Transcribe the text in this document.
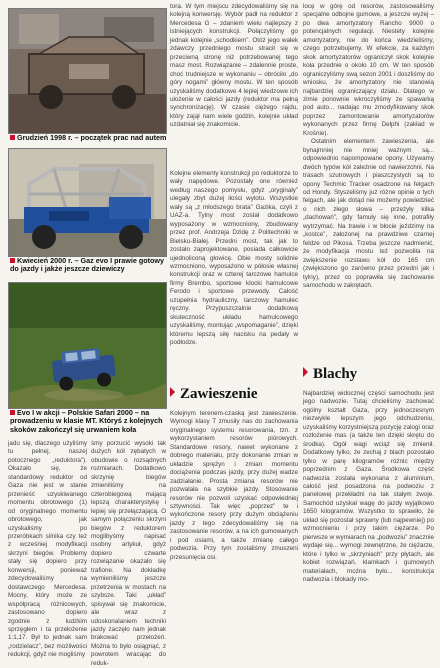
Grudzień 1998 r. – początek prac nad autem
Kwiecień 2000 r. – Gaz evo I prawie gotowy do jazdy i jakże jeszcze dziewiczy
Evo I w akcji – Polskie Safari 2000 – na prowadzeniu w klasie MT. Któryś z kolejnych skoków zakończył się urwaniem koła

tora. W tym miejscu zdecydowaliśmy się na kolejną konwersję. Wybór padł na reduktor z Mercedesa G – zdaniem wielu najlepszy z istniejących konstrukcji. Połączyliśmy go jednak kolejnie „schodkiem”. Otóż jego wałek zdawczy przedniego mostu stracił się w przeciwną stronę niż potrzebowanej tego masz most. Rozwiązanie – zdalennie proste, choć trudniejsze w wykonaniu – obróciło „do góry nogami” główny mostu. W ten sposób uzyskaliśmy dodatkowe 4 lepiej wiedzowe ich ułożenie w całości jazdy (reduktor ma pełną synchronizację). W czasie ciężego rajdu, który zajął nam wiele godzin, kolejnie układ uzdatniał się znakomicie.

Kolejne elementy konstrukcji po reduktorze to wały napędowe. Pozostały one również według naszego pomysłu, gdyż „oryginały” ulegały zbyt dużej ilości wylotu. Wszystkie wały są „z młodszego brata” Gazika, czyli z UAZ-a. Tylny most został dodatkowo wyposażony w wzmocniony, zbudowany przez prof. Andrzeja Dzidę z Politechniki w Bielsku-Białej. Przedni most, tak jak to zostało zaprojektowane, posiada całkowicie ujednoliconą głowicę. Obie mosty solidnie wzmocniono, wyposażono w półosie własnej konstrukcji oraz w czterej tarczowe hamulce firmy Brembo, sportowe klocki hamulcowe Ferodo i sportowe przewody. Całość uzupełnia hydrauliczny, tarczowy hamulec ręczny. Przypuszczalnie dodatkową skuteczność układu hamulcowego uzyskaliśmy, montując „wspomaganie”, dzięki któremu lepszą siłę nacisku na pedały w podłodze.

Zawieszenie

Kolejnym terenem-czaską jest zawieszenie. Wymogi klasy T zmusiły nas do zachowania oryginalnego systemu resorowania, tzn. z wykorzystaniem resorów piórowych. Standardowe resory, nawet wykonane z dobrego materiału, przy dokonanie zmian w układzie sprężyn i zmian momentu dociążenia podczas jazdy, przy dużej wadze zadziałanie. Prosta zmiana resorów nie pozwalała na szybkie jazdy. Stosowanie resorów nie pozwoli uzyskać odpowiedniej sztywności. Tak więc „poprzez” te i wykończone resory przy dużym obciążeniu jazdy z tego zdecydowaliśmy się na zastosowanie resorów, a na ich gumowanych i pod osiami, a także zmianę całego podwozia. Przy tym zostaliśmy zmuszeni przesunięcia osi.

locę w górę od resorów, zastosowaliśmy specjalne odbojne gumowe, a jeszcze wyżej – po dwa amortyzatory Rancho 9000 o potencjalnych regulacji. Niestety kolejnie amortyzatory, nie do końca wiedzieliśmy, czego potrzebujemy. W efekcie, za każdym skok amortyzatorów ograniczył skok kolejnie koła przednie o około 10 cm. W ten sposób ograniczyliśmy swą sezon 2001 i doszliśmy do wniosku, że amortyzatory nie stanowią najbardziej ograniczający działu. Dlatego w zimie ponownie wkroczyliśmy ze spawarką pod auto... nadając mu zmodyfikowany skok poprzez zamontowanie amortyzatorów wykonanych przez firmę Delphi (zakład w Krośnie).

Ostatnim elementem zawieszenia, ale bynajmniej nie mniej ważnym są... odpowiednio napompowane opony. Używamy dwóch typów kół zależnie od nawierzchni. Na trasach szutrowych i piaszczystych są to opony Techmic Tracker osadzone na felgach od Hondy. Styszeliśmy już różne opinie o tych felgach, ale jak dotąd nie możemy powiedzieć o nich złego słowa – przeżyły kilka „dachowań”, gdy famuły się inne, potrafiły wytrzymać. Na trawie i w błocie jeździmy na „kostce”, założonej na prawdziwe czarnej feldze od Pikosa. Trzeba jeszcze nadmienić, że modyfikacja mostu też pozwoliła na zwiększenie rozstawu kół do 165 cm (zwiększono go zarówno przez przedni jak i tylny), przez co poprawiła się zachowanie samochodu w zakrętach.

Blachy

Najbardziej widocznej części samochodu jest jego nadwozie. Tutaj chcieliśmy zachować ogólny kształt Gaza, przy jednoczesnym niezwykle lepszym jego odchudzeniu, uzyskaliśmy korzystniejszą pozycję zalogi oraz rozłożenie mas (a także ten dzięki skrętu do środka). Ogół wagi wciąż się zmienił. Dodatkowy tylko, że zechaj z blach pozostało tylko w parę kilogramów różnic między poprzednim z Gaza. Środkowa część nadwozia została wykonana z aluminium, całość jest posadzona na podwoziu z panelowej przekładni na tak stałym zwoje. Samochód uzyskał wagę do jazdy wyjątkowo 1650 kilogramów. Wszystko to sprawiło, że układ się pozostał sprawny (lub najpewniej) po wzmocnieniu i przy takim ciężarze. Po pierwsze w wymiarach na „podwoziu” znacznie wydaje się... wymogi zewnętrzne, że ciężarze, które i tylko w „skrzyniach” przy płytach, ale kobiet rozwiązań, klamkach i gumowych materiałach, można było... konstrukcja nadwozia i blokady mo-

jadu się, dlaczego użyliśmy tu pełnej, naszej potocznego „reduktora”). Okazało się, że standardowy reduktor od Gaza nie jest w stanie przenieść uzyskiwanego momentu obrotowego (1) od oryginalnego momentu obrotowego, jak uzyskaliśmy po przeróbkach silnika czy też z wcześniej modyfikacji skrzyni biegów. Problemy stały się dopiero przy konwersji, ponieważ zdecydowaliśmy na dostawczego Mercedesa. Mocny, który może ze współpracą różnicowych, zastosowano dopiero zgodnie z ludzkim sprzęgłem i ta przełożenie 1:1,17. Był to jednak sam „rodzielacz”, bez możliwości redukcji, gdyż nie mogliśmy

śmy porzucić wysoki tak dużych kół zębatych w obudowie o rozsądnych rozmiarach. Dodatkowo skrzynię biegów zmieniliśmy na czterobiegową mającą lepszą charakterystykę i lepiej się przełączającą. O samym połączeniu skrzyni biegów z reduktorem moglibyśmy napisać osobny artykuł, gdyż dopiero czwarte rozwiązanie okazało się trafione. Na dokładkę wymieniliśmy jeszcze przetrzenia w mostach na szybsze. Taki „układ” spisywał się znakomicie, ale wraz z udoskonalaniem techniki jazdy zaczęło nam jednak brakować przełożeń. Można to było osiągnąć, z powrotem wracając do reduk-
